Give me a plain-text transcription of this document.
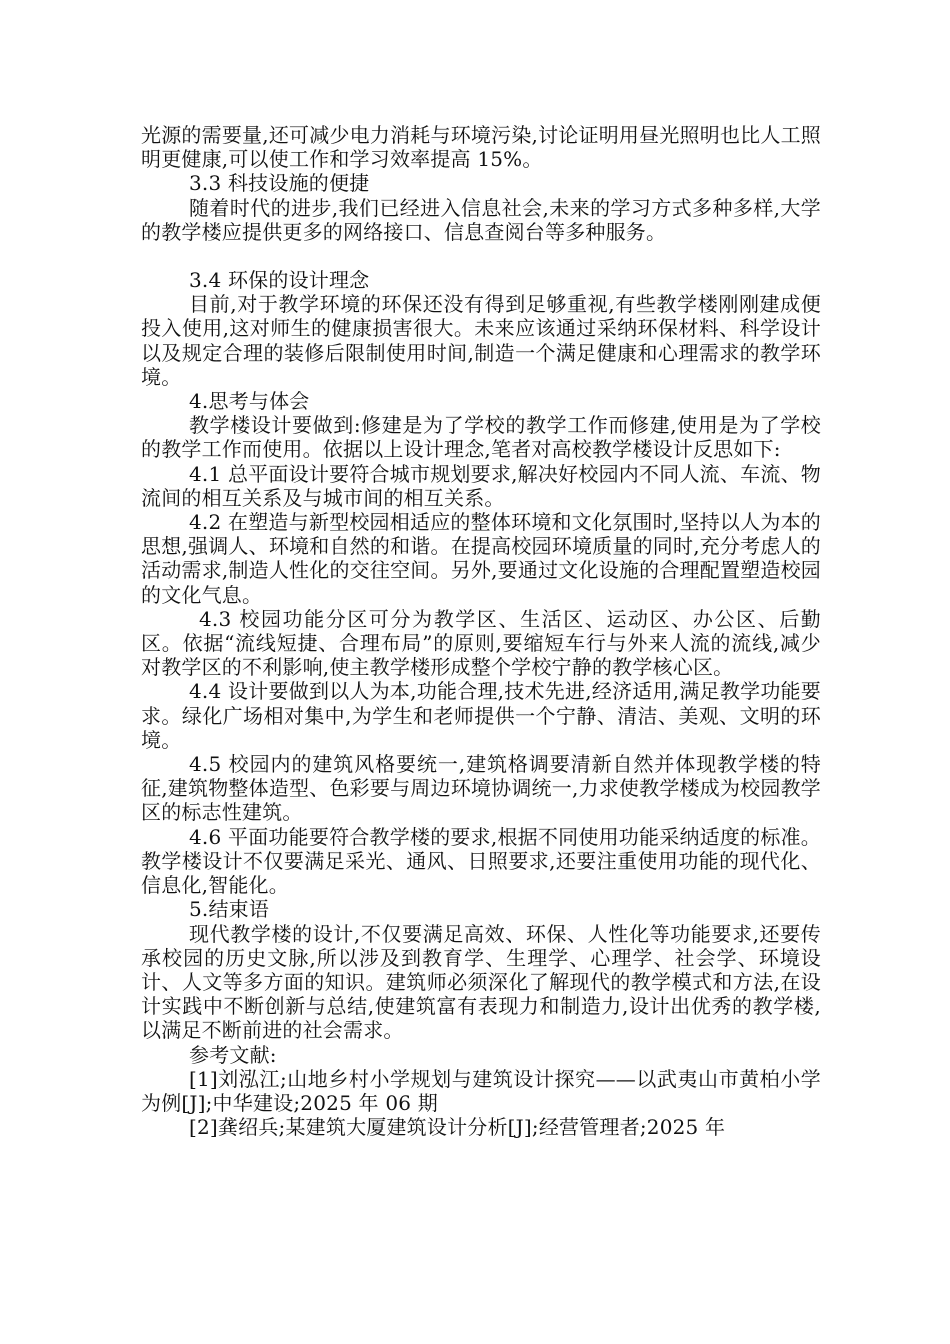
光源的需要量,还可减少电力消耗与环境污染,讨论证明用昼光照明也比人工照明更健康,可以使工作和学习效率提高 15%。

3.3 科技设施的便捷

随着时代的进步,我们已经进入信息社会,未来的学习方式多种多样,大学的教学楼应提供更多的网络接口、信息查阅台等多种服务。

3.4 环保的设计理念

目前,对于教学环境的环保还没有得到足够重视,有些教学楼刚刚建成便投入使用,这对师生的健康损害很大。未来应该通过采纳环保材料、科学设计以及规定合理的装修后限制使用时间,制造一个满足健康和心理需求的教学环境。

4.思考与体会

教学楼设计要做到:修建是为了学校的教学工作而修建,使用是为了学校的教学工作而使用。依据以上设计理念,笔者对高校教学楼设计反思如下:

4.1 总平面设计要符合城市规划要求,解决好校园内不同人流、车流、物流间的相互关系及与城市间的相互关系。

4.2 在塑造与新型校园相适应的整体环境和文化氛围时,坚持以人为本的思想,强调人、环境和自然的和谐。在提高校园环境质量的同时,充分考虑人的活动需求,制造人性化的交往空间。另外,要通过文化设施的合理配置塑造校园的文化气息。

4.3 校园功能分区可分为教学区、生活区、运动区、办公区、后勤区。依据“流线短捷、合理布局”的原则,要缩短车行与外来人流的流线,减少对教学区的不利影响,使主教学楼形成整个学校宁静的教学核心区。

4.4 设计要做到以人为本,功能合理,技术先进,经济适用,满足教学功能要求。绿化广场相对集中,为学生和老师提供一个宁静、清洁、美观、文明的环境。

4.5 校园内的建筑风格要统一,建筑格调要清新自然并体现教学楼的特征,建筑物整体造型、色彩要与周边环境协调统一,力求使教学楼成为校园教学区的标志性建筑。

4.6 平面功能要符合教学楼的要求,根据不同使用功能采纳适度的标准。教学楼设计不仅要满足采光、通风、日照要求,还要注重使用功能的现代化、信息化,智能化。

5.结束语

现代教学楼的设计,不仅要满足高效、环保、人性化等功能要求,还要传承校园的历史文脉,所以涉及到教育学、生理学、心理学、社会学、环境设计、人文等多方面的知识。建筑师必须深化了解现代的教学模式和方法,在设计实践中不断创新与总结,使建筑富有表现力和制造力,设计出优秀的教学楼,以满足不断前进的社会需求。

参考文献:

[1]刘泓江;山地乡村小学规划与建筑设计探究——以武夷山市黄柏小学为例[J];中华建设;2025 年 06 期

[2]龚绍兵;某建筑大厦建筑设计分析[J];经营管理者;2025 年
